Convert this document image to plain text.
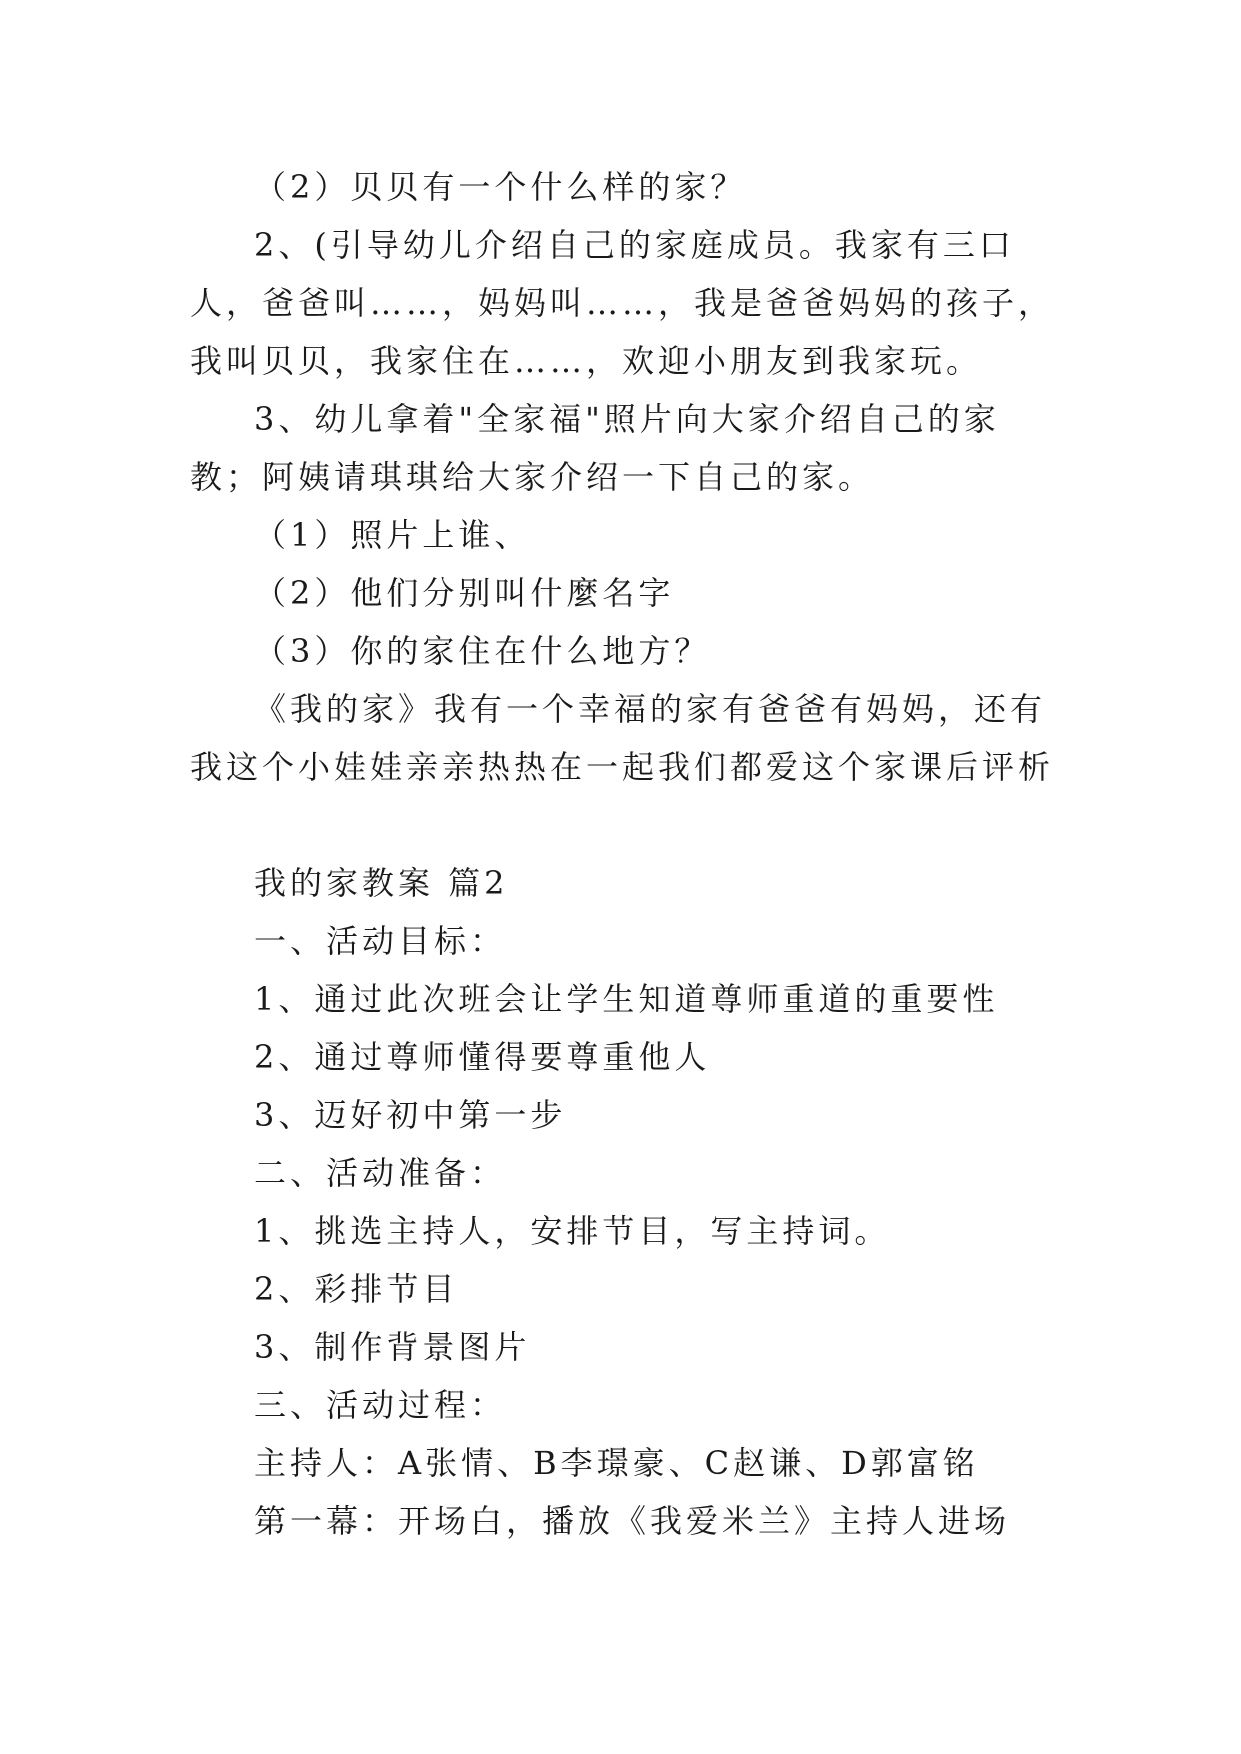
（2）贝贝有一个什么样的家？

2、(引导幼儿介绍自己的家庭成员。我家有三口人，爸爸叫……，妈妈叫……，我是爸爸妈妈的孩子，我叫贝贝，我家住在……，欢迎小朋友到我家玩。

3、幼儿拿着"全家福"照片向大家介绍自己的家教；阿姨请琪琪给大家介绍一下自己的家。

（1）照片上谁、

（2）他们分别叫什麼名字

（3）你的家住在什么地方？

《我的家》我有一个幸福的家有爸爸有妈妈，还有我这个小娃娃亲亲热热在一起我们都爱这个家课后评析

我的家教案 篇2

一、活动目标：

1、通过此次班会让学生知道尊师重道的重要性

2、通过尊师懂得要尊重他人

3、迈好初中第一步

二、活动准备：

1、挑选主持人，安排节目，写主持词。

2、彩排节目

3、制作背景图片

三、活动过程：

主持人：A张情、B李璟豪、C赵谦、D郭富铭

第一幕：开场白，播放《我爱米兰》主持人进场
